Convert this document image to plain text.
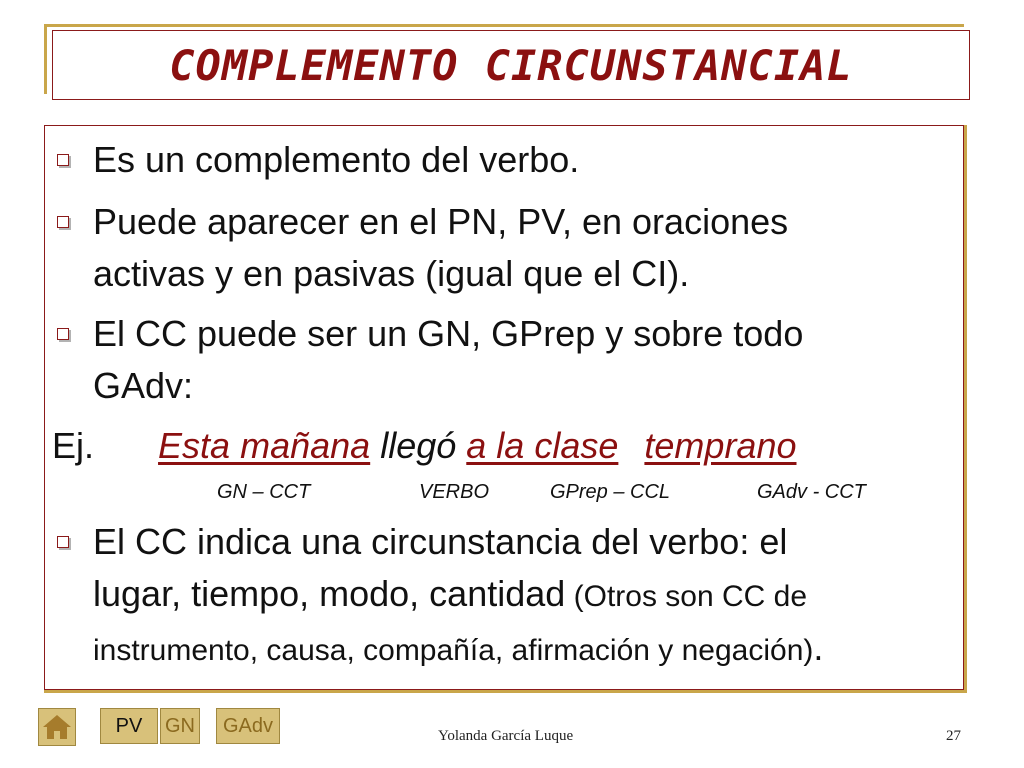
COMPLEMENTO CIRCUNSTANCIAL
Es un complemento del verbo.
Puede aparecer en el PN, PV, en oraciones
activas y en pasivas (igual que el CI).
El CC puede ser un GN, GPrep y sobre todo
GAdv:
Ej. Esta mañana llegó a la clase temprano
GN – CCT	VERBO	GPrep – CCL	GAdv - CCT
El CC indica una circunstancia del verbo: el
lugar, tiempo, modo, cantidad (Otros son CC de
instrumento, causa, compañía, afirmación y negación).
PV GN GAdv	Yolanda García Luque	27
